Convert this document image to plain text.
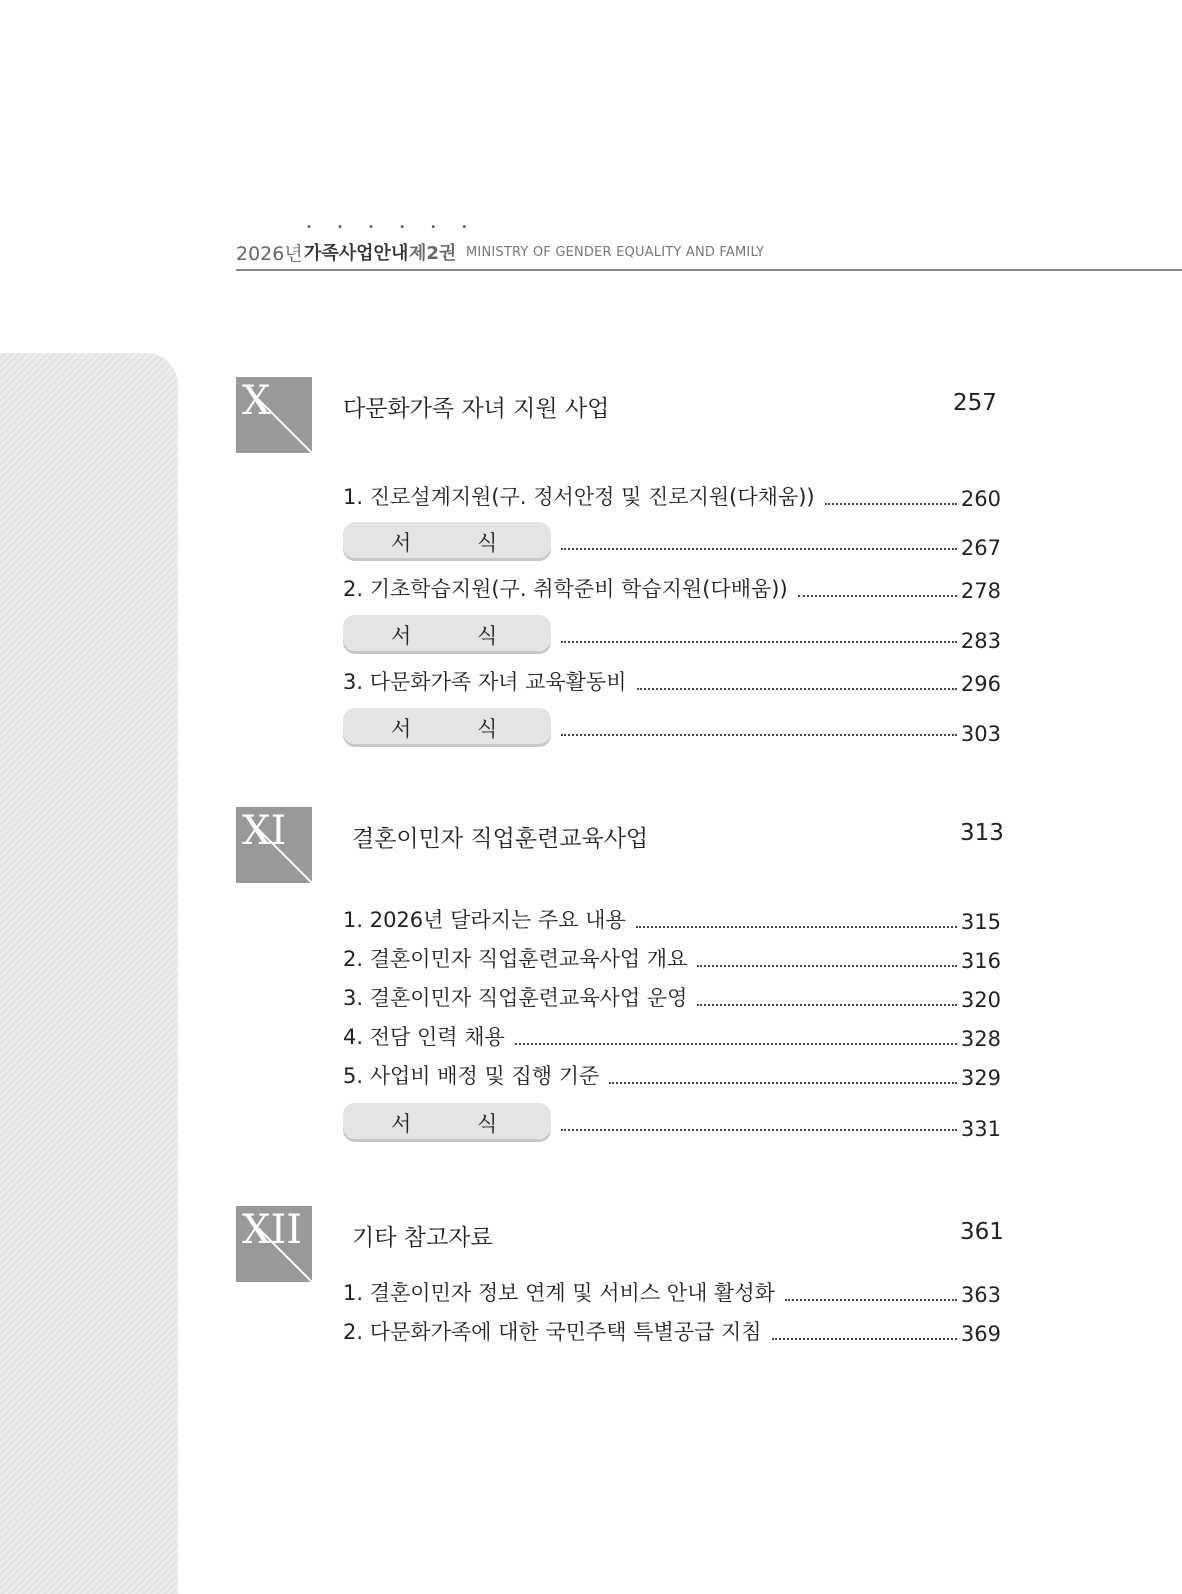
• • • • • •
2026년 가족사업안내 제2권 MINISTRY OF GENDER EQUALITY AND FAMILY
X	다문화가족 자녀 지원 사업	257
1. 진로설계지원(구. 정서안정 및 진로지원(다채움))	260
서	식	267
2. 기초학습지원(구. 취학준비 학습지원(다배움))	278
서	식	283
3. 다문화가족 자녀 교육활동비	296
서	식	303
XI	결혼이민자 직업훈련교육사업	313
1. 2026년 달라지는 주요 내용	315
2. 결혼이민자 직업훈련교육사업 개요	316
3. 결혼이민자 직업훈련교육사업 운영	320
4. 전담 인력 채용	328
5. 사업비 배정 및 집행 기준	329
서	식	331
XII 기타 참고자료	361
1. 결혼이민자 정보 연계 및 서비스 안내 활성화	363
2. 다문화가족에 대한 국민주택 특별공급 지침	369
